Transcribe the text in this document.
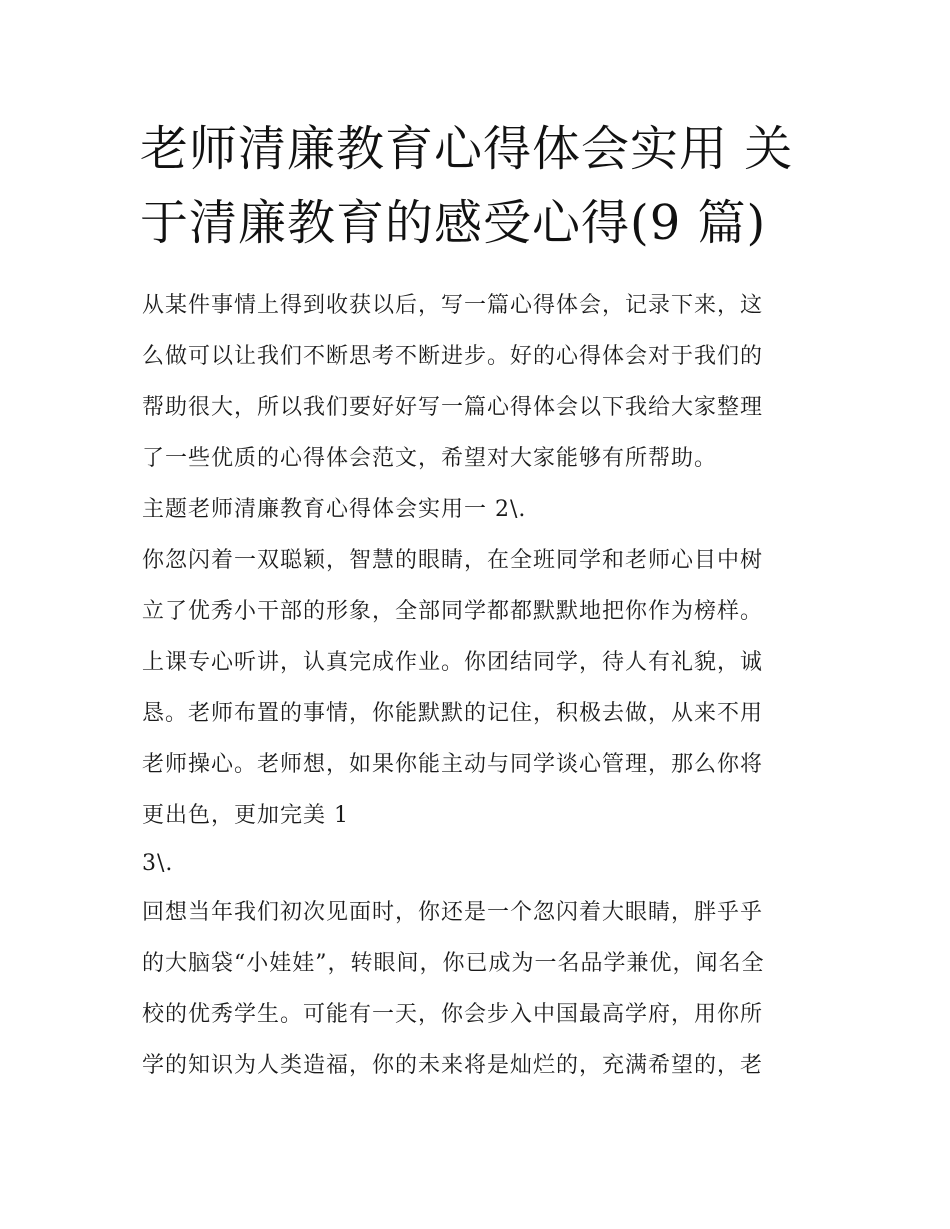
老师清廉教育心得体会实用 关
于清廉教育的感受心得(9 篇)

从某件事情上得到收获以后，写一篇心得体会，记录下来，这
么做可以让我们不断思考不断进步。好的心得体会对于我们的
帮助很大，所以我们要好好写一篇心得体会以下我给大家整理
了一些优质的心得体会范文，希望对大家能够有所帮助。

主题老师清廉教育心得体会实用一 2\.

你忽闪着一双聪颖，智慧的眼睛，在全班同学和老师心目中树
立了优秀小干部的形象，全部同学都都默默地把你作为榜样。
上课专心听讲，认真完成作业。你团结同学，待人有礼貌，诚
恳。老师布置的事情，你能默默的记住，积极去做，从来不用
老师操心。老师想，如果你能主动与同学谈心管理，那么你将
更出色，更加完美 1

3\.

回想当年我们初次见面时，你还是一个忽闪着大眼睛，胖乎乎
的大脑袋“小娃娃”，转眼间，你已成为一名品学兼优，闻名全
校的优秀学生。可能有一天，你会步入中国最高学府，用你所
学的知识为人类造福，你的未来将是灿烂的，充满希望的，老
